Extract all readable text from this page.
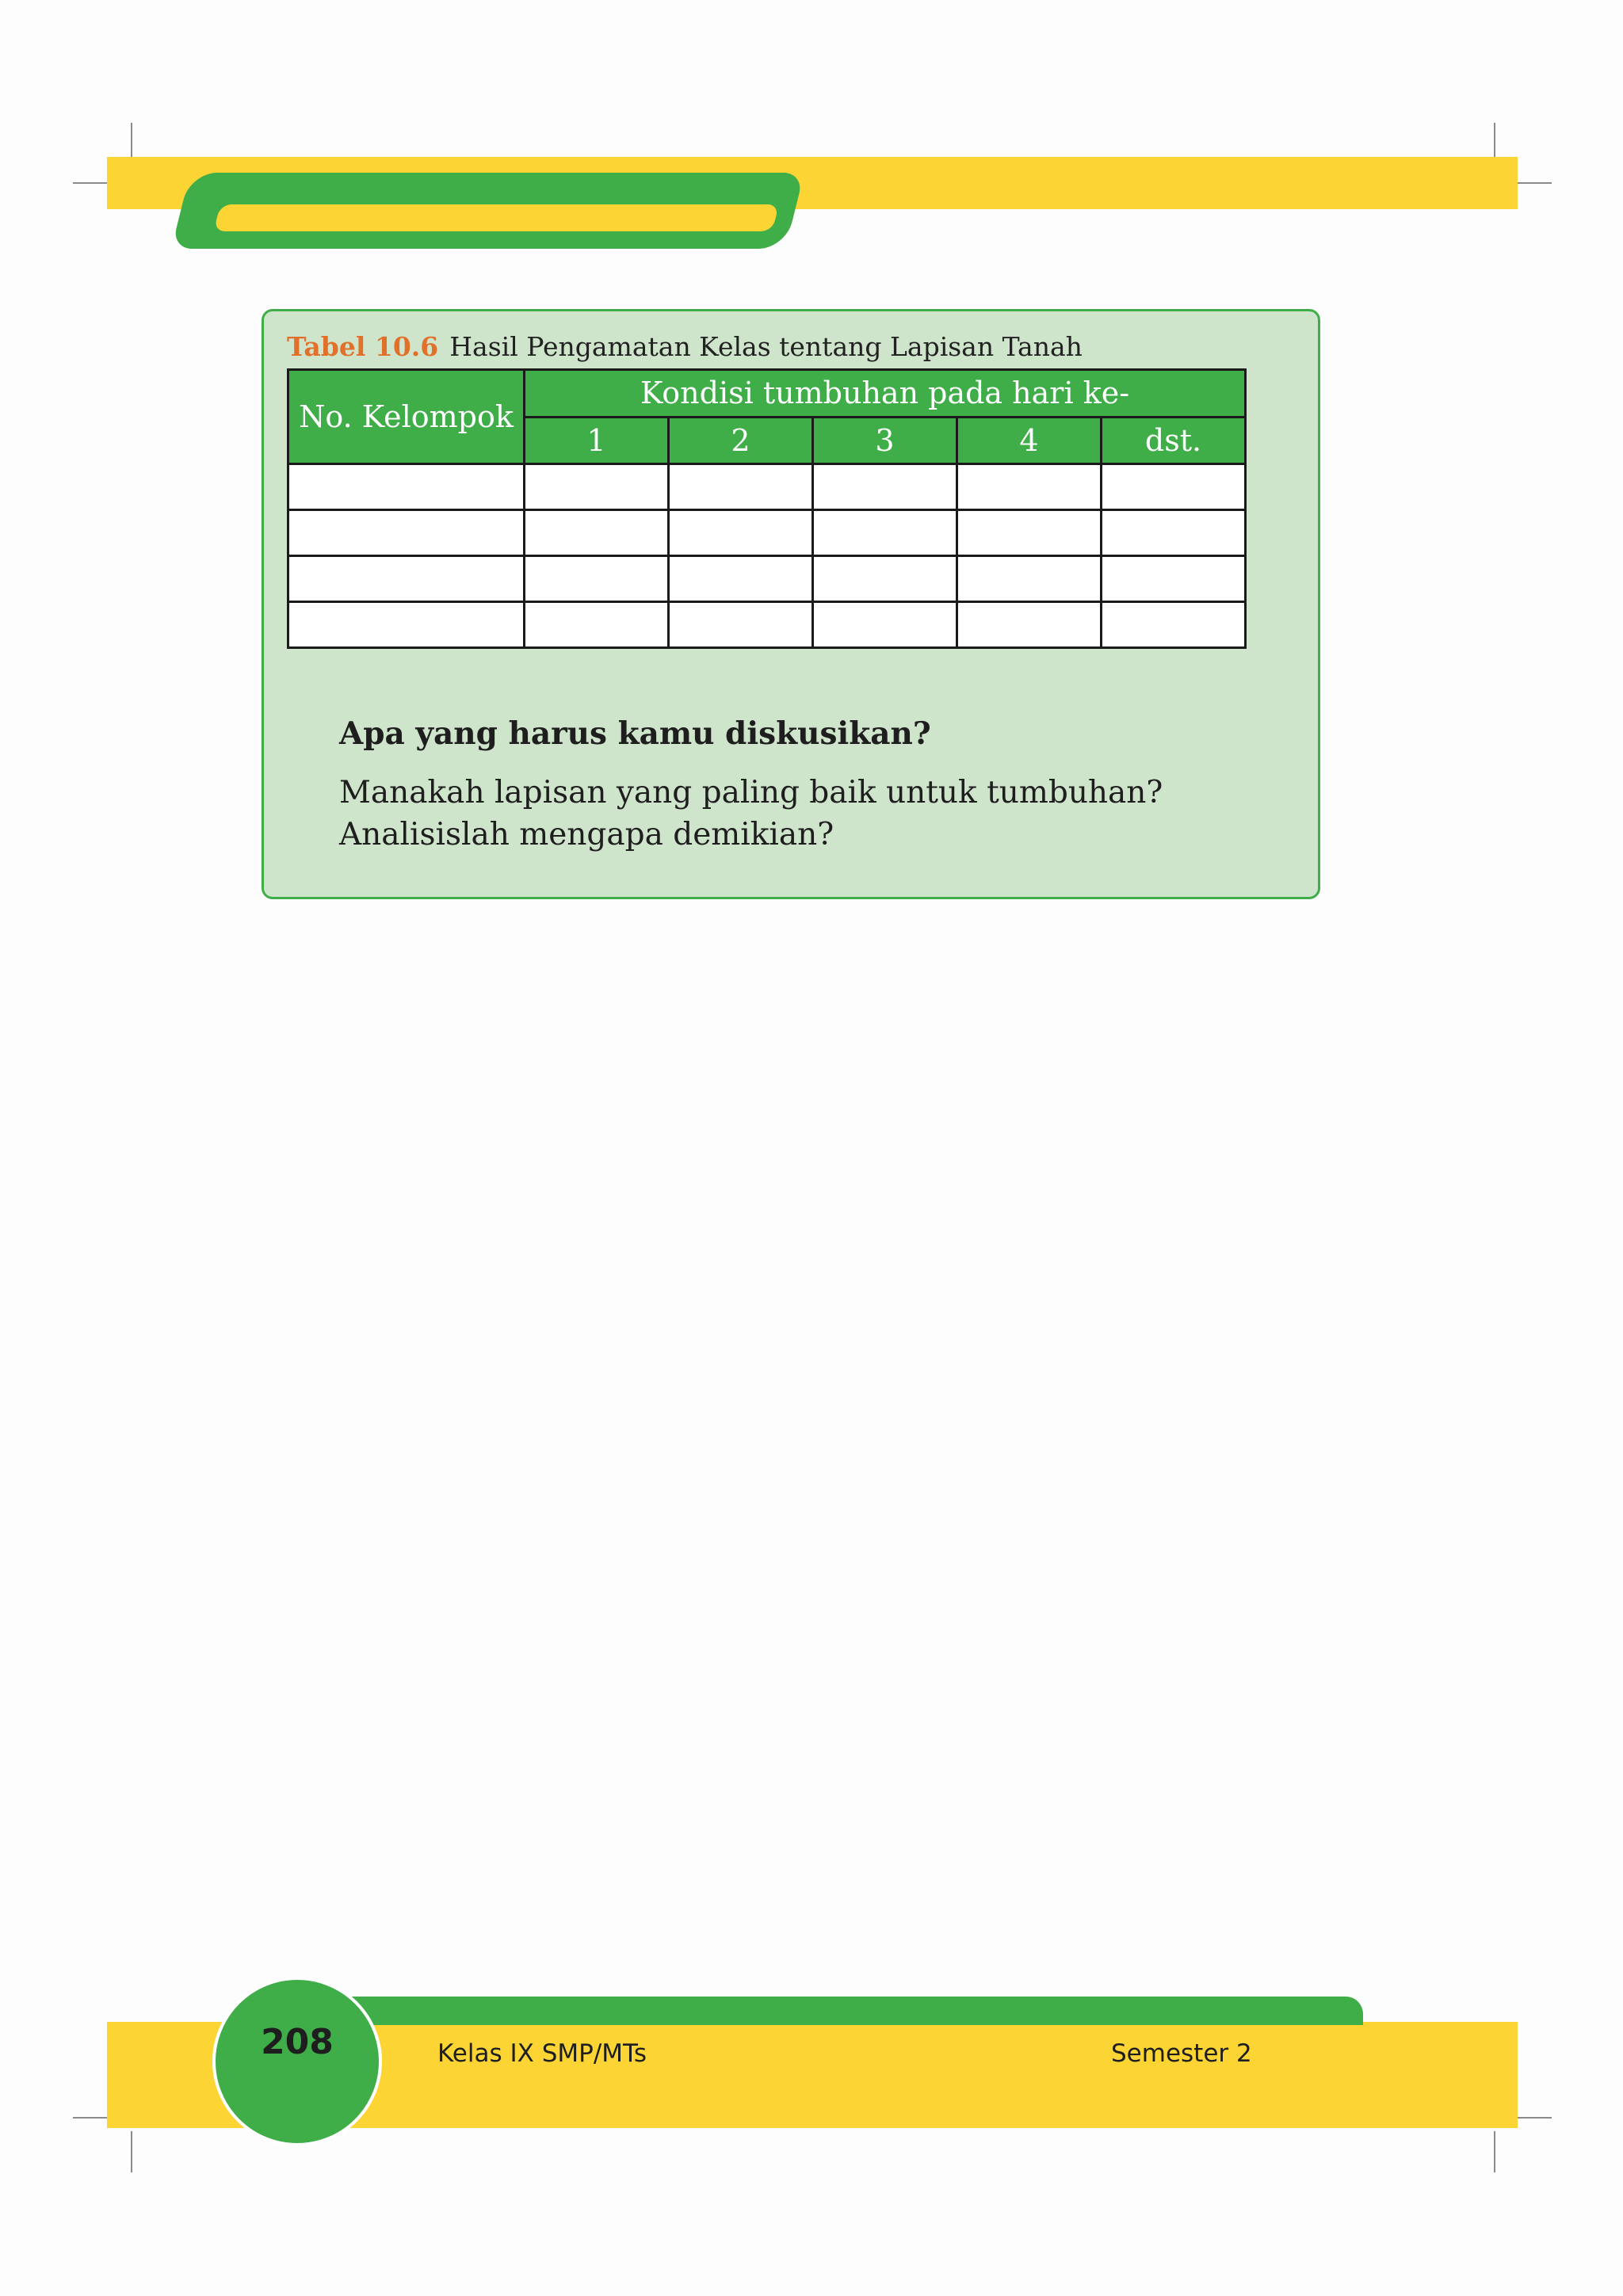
Tabel 10.6 Hasil Pengamatan Kelas tentang Lapisan Tanah
No. Kelompok	Kondisi tumbuhan pada hari ke-				
	1	2	3	4	dst.

Apa yang harus kamu diskusikan?
Manakah lapisan yang paling baik untuk tumbuhan? Analisislah mengapa demikian?
208	Kelas IX SMP/MTs	Semester 2
